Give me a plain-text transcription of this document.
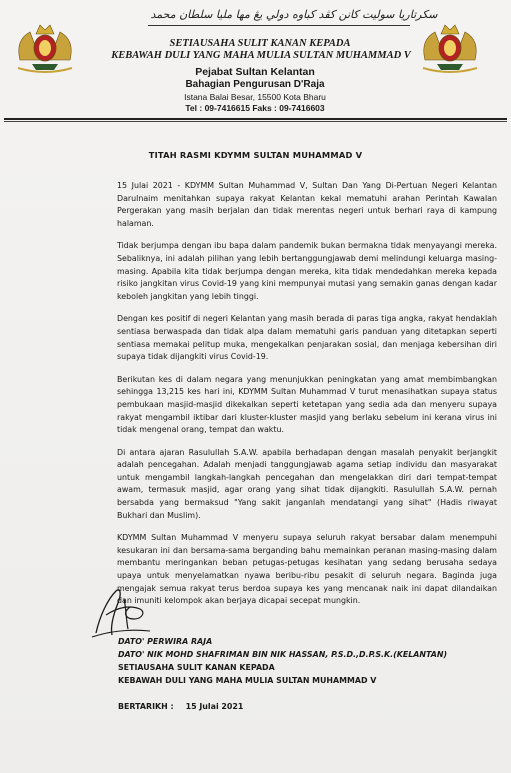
سکرتاريا سوليت کانن کڤد کباوه دولي يڠ مها مليا سلطان محمد
SETIAUSAHA SULIT KANAN KEPADA
KEBAWAH DULI YANG MAHA MULIA SULTAN MUHAMMAD V
Pejabat Sultan Kelantan
Bahagian Pengurusan D'Raja
Istana Balai Besar, 15500 Kota Bharu
Tel : 09-7416615 Faks : 09-7416603
TITAH RASMI KDYMM SULTAN MUHAMMAD V

15 Julai 2021 - KDYMM Sultan Muhammad V, Sultan Dan Yang Di-Pertuan Negeri Kelantan Darulnaim menitahkan supaya rakyat Kelantan kekal mematuhi arahan Perintah Kawalan Pergerakan yang masih berjalan dan tidak merentas negeri untuk berhari raya di kampung halaman.

Tidak berjumpa dengan ibu bapa dalam pandemik bukan bermakna tidak menyayangi mereka. Sebaliknya, ini adalah pilihan yang lebih bertanggungjawab demi melindungi keluarga masing-masing. Apabila kita tidak berjumpa dengan mereka, kita tidak mendedahkan mereka kepada risiko jangkitan virus Covid-19 yang kini mempunyai mutasi yang semakin ganas dengan kadar keboleh jangkitan yang lebih tinggi.

Dengan kes positif di negeri Kelantan yang masih berada di paras tiga angka, rakyat hendaklah sentiasa berwaspada dan tidak alpa dalam mematuhi garis panduan yang ditetapkan seperti sentiasa memakai pelitup muka, mengekalkan penjarakan sosial, dan menjaga kebersihan diri supaya tidak dijangkiti virus Covid-19.

Berikutan kes di dalam negara yang menunjukkan peningkatan yang amat membimbangkan sehingga 13,215 kes hari ini, KDYMM Sultan Muhammad V turut menasihatkan supaya status pembukaan masjid-masjid dikekalkan seperti ketetapan yang sedia ada dan menyeru supaya rakyat mengambil iktibar dari kluster-kluster masjid yang berlaku sebelum ini kerana virus ini tidak mengenal orang, tempat dan waktu.

Di antara ajaran Rasulullah S.A.W. apabila berhadapan dengan masalah penyakit berjangkit adalah pencegahan. Adalah menjadi tanggungjawab agama setiap individu dan masyarakat untuk mengambil langkah-langkah pencegahan dan mengelakkan diri dari tempat-tempat awam, termasuk masjid, agar orang yang sihat tidak dijangkiti. Rasulullah S.A.W. pernah bersabda yang bermaksud "Yang sakit janganlah mendatangi yang sihat" (Hadis riwayat Bukhari dan Muslim).

KDYMM Sultan Muhammad V menyeru supaya seluruh rakyat bersabar dalam menempuhi kesukaran ini dan bersama-sama berganding bahu memainkan peranan masing-masing dalam membantu meringankan beban petugas-petugas kesihatan yang sedang berusaha sedaya upaya untuk menyelamatkan nyawa beribu-ribu pesakit di seluruh negara. Baginda juga mengajak semua rakyat terus berdoa supaya kes yang mencanak naik ini dapat dilandaikan dan imuniti kelompok akan berjaya dicapai secepat mungkin.

DATO' PERWIRA RAJA
DATO' NIK MOHD SHAFRIMAN BIN NIK HASSAN, P.S.D.,D.P.S.K.(KELANTAN)
SETIAUSAHA SULIT KANAN KEPADA
KEBAWAH DULI YANG MAHA MULIA SULTAN MUHAMMAD V
BERTARIKH : 15 Julai 2021
